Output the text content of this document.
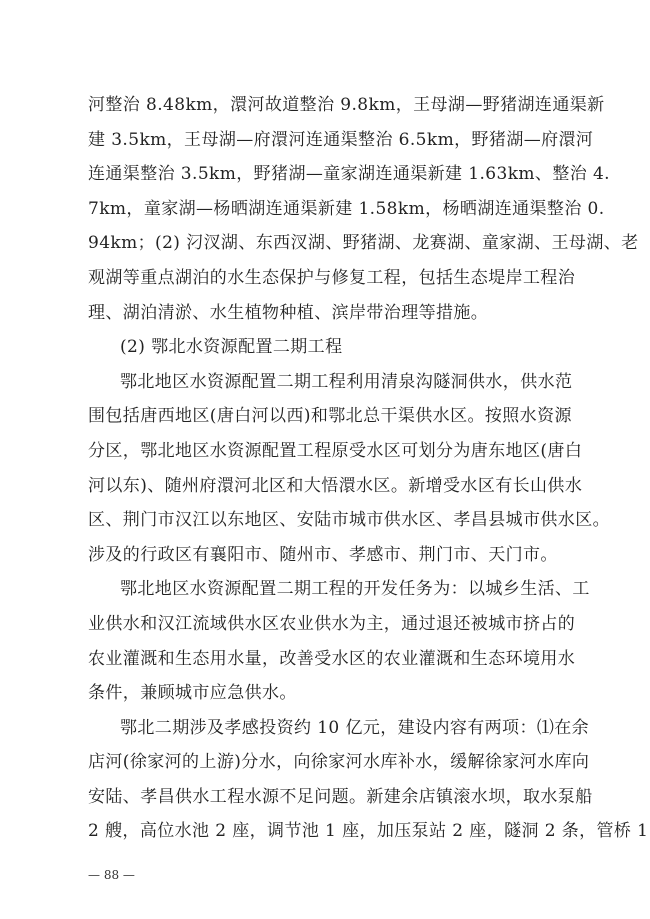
河整治 8.48km，澴河故道整治 9.8km，王母湖—野猪湖连通渠新
建 3.5km，王母湖—府澴河连通渠整治 6.5km，野猪湖—府澴河
连通渠整治 3.5km，野猪湖—童家湖连通渠新建 1.63km、整治 4.
7km，童家湖—杨晒湖连通渠新建 1.58km，杨晒湖连通渠整治 0.
94km；(2) 汈汊湖、东西汊湖、野猪湖、龙赛湖、童家湖、王母湖、老
观湖等重点湖泊的水生态保护与修复工程，包括生态堤岸工程治
理、湖泊清淤、水生植物种植、滨岸带治理等措施。
(2) 鄂北水资源配置二期工程
鄂北地区水资源配置二期工程利用清泉沟隧洞供水，供水范
围包括唐西地区(唐白河以西)和鄂北总干渠供水区。按照水资源
分区，鄂北地区水资源配置工程原受水区可划分为唐东地区(唐白
河以东)、随州府澴河北区和大悟澴水区。新增受水区有长山供水
区、荆门市汉江以东地区、安陆市城市供水区、孝昌县城市供水区。
涉及的行政区有襄阳市、随州市、孝感市、荆门市、天门市。
鄂北地区水资源配置二期工程的开发任务为：以城乡生活、工
业供水和汉江流域供水区农业供水为主，通过退还被城市挤占的
农业灌溉和生态用水量，改善受水区的农业灌溉和生态环境用水
条件，兼顾城市应急供水。
鄂北二期涉及孝感投资约 10 亿元，建设内容有两项：⑴在余
店河(徐家河的上游)分水，向徐家河水库补水，缓解徐家河水库向
安陆、孝昌供水工程水源不足问题。新建余店镇滚水坝，取水泵船
2 艘，高位水池 2 座，调节池 1 座，加压泵站 2 座，隧洞 2 条，管桥 1
— 88 —
